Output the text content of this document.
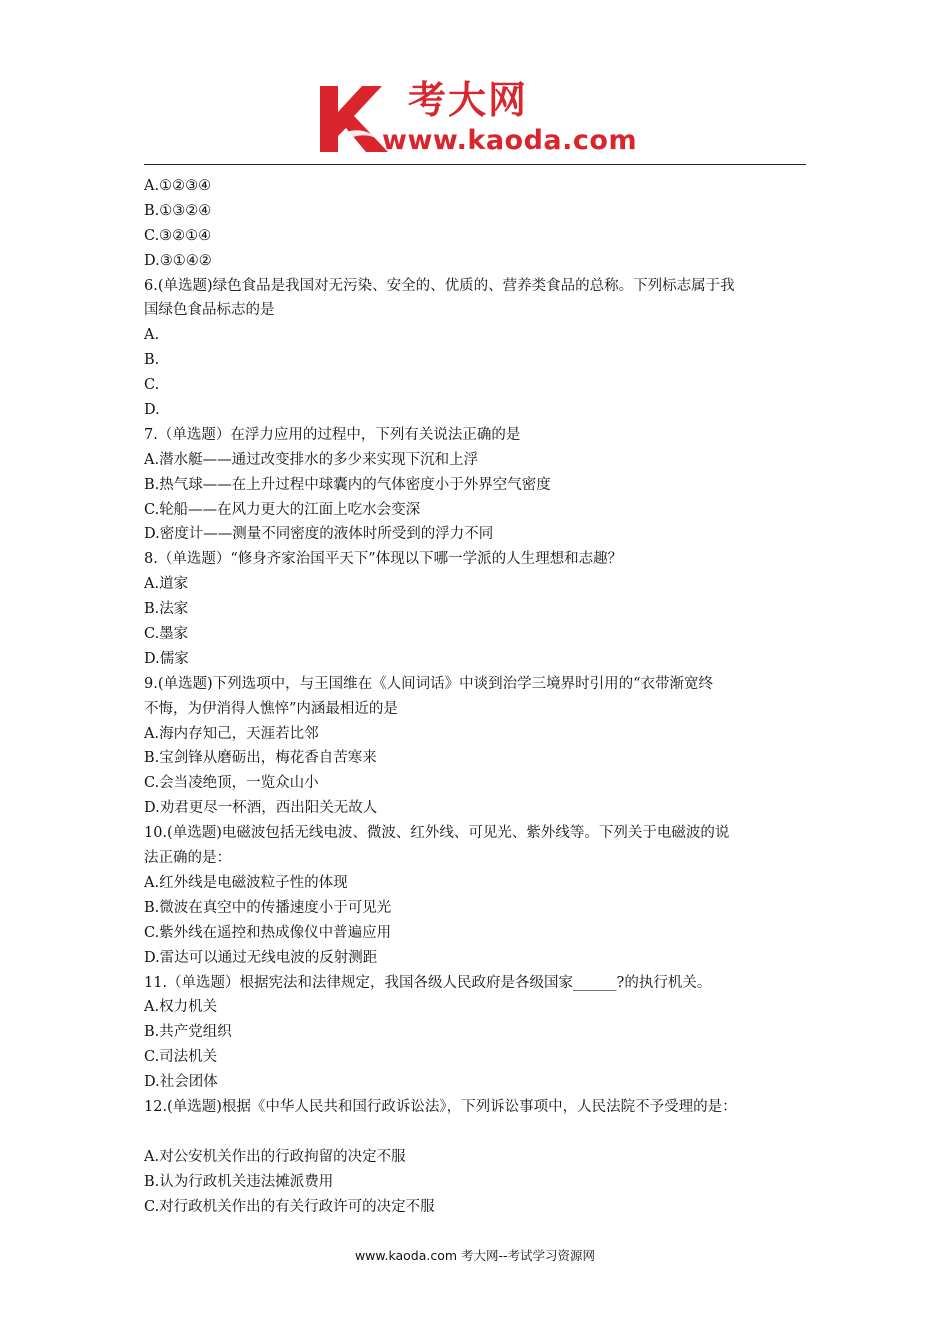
考大网
www.kaoda.com
A.①②③④
B.①③②④
C.③②①④
D.③①④②
6.(单选题)绿色食品是我国对无污染、安全的、优质的、营养类食品的总称。下列标志属于我
国绿色食品标志的是
A.
B.
C.
D.
7.（单选题）在浮力应用的过程中，下列有关说法正确的是
A.潜水艇——通过改变排水的多少来实现下沉和上浮
B.热气球——在上升过程中球囊内的气体密度小于外界空气密度
C.轮船——在风力更大的江面上吃水会变深
D.密度计——测量不同密度的液体时所受到的浮力不同
8.（单选题）“修身齐家治国平天下”体现以下哪一学派的人生理想和志趣？
A.道家
B.法家
C.墨家
D.儒家
9.(单选题)下列选项中，与王国维在《人间词话》中谈到治学三境界时引用的“衣带渐宽终
不悔，为伊消得人憔悴”内涵最相近的是
A.海内存知己，天涯若比邻
B.宝剑锋从磨砺出，梅花香自苦寒来
C.会当凌绝顶，一览众山小
D.劝君更尽一杯酒，西出阳关无故人
10.(单选题)电磁波包括无线电波、微波、红外线、可见光、紫外线等。下列关于电磁波的说
法正确的是：
A.红外线是电磁波粒子性的体现
B.微波在真空中的传播速度小于可见光
C.紫外线在遥控和热成像仪中普遍应用
D.雷达可以通过无线电波的反射测距
11.（单选题）根据宪法和法律规定，我国各级人民政府是各级国家______?的执行机关。
A.权力机关
B.共产党组织
C.司法机关
D.社会团体
12.(单选题)根据《中华人民共和国行政诉讼法》，下列诉讼事项中，人民法院不予受理的是：
A.对公安机关作出的行政拘留的决定不服
B.认为行政机关违法摊派费用
C.对行政机关作出的有关行政许可的决定不服
www.kaoda.com 考大网--考试学习资源网
